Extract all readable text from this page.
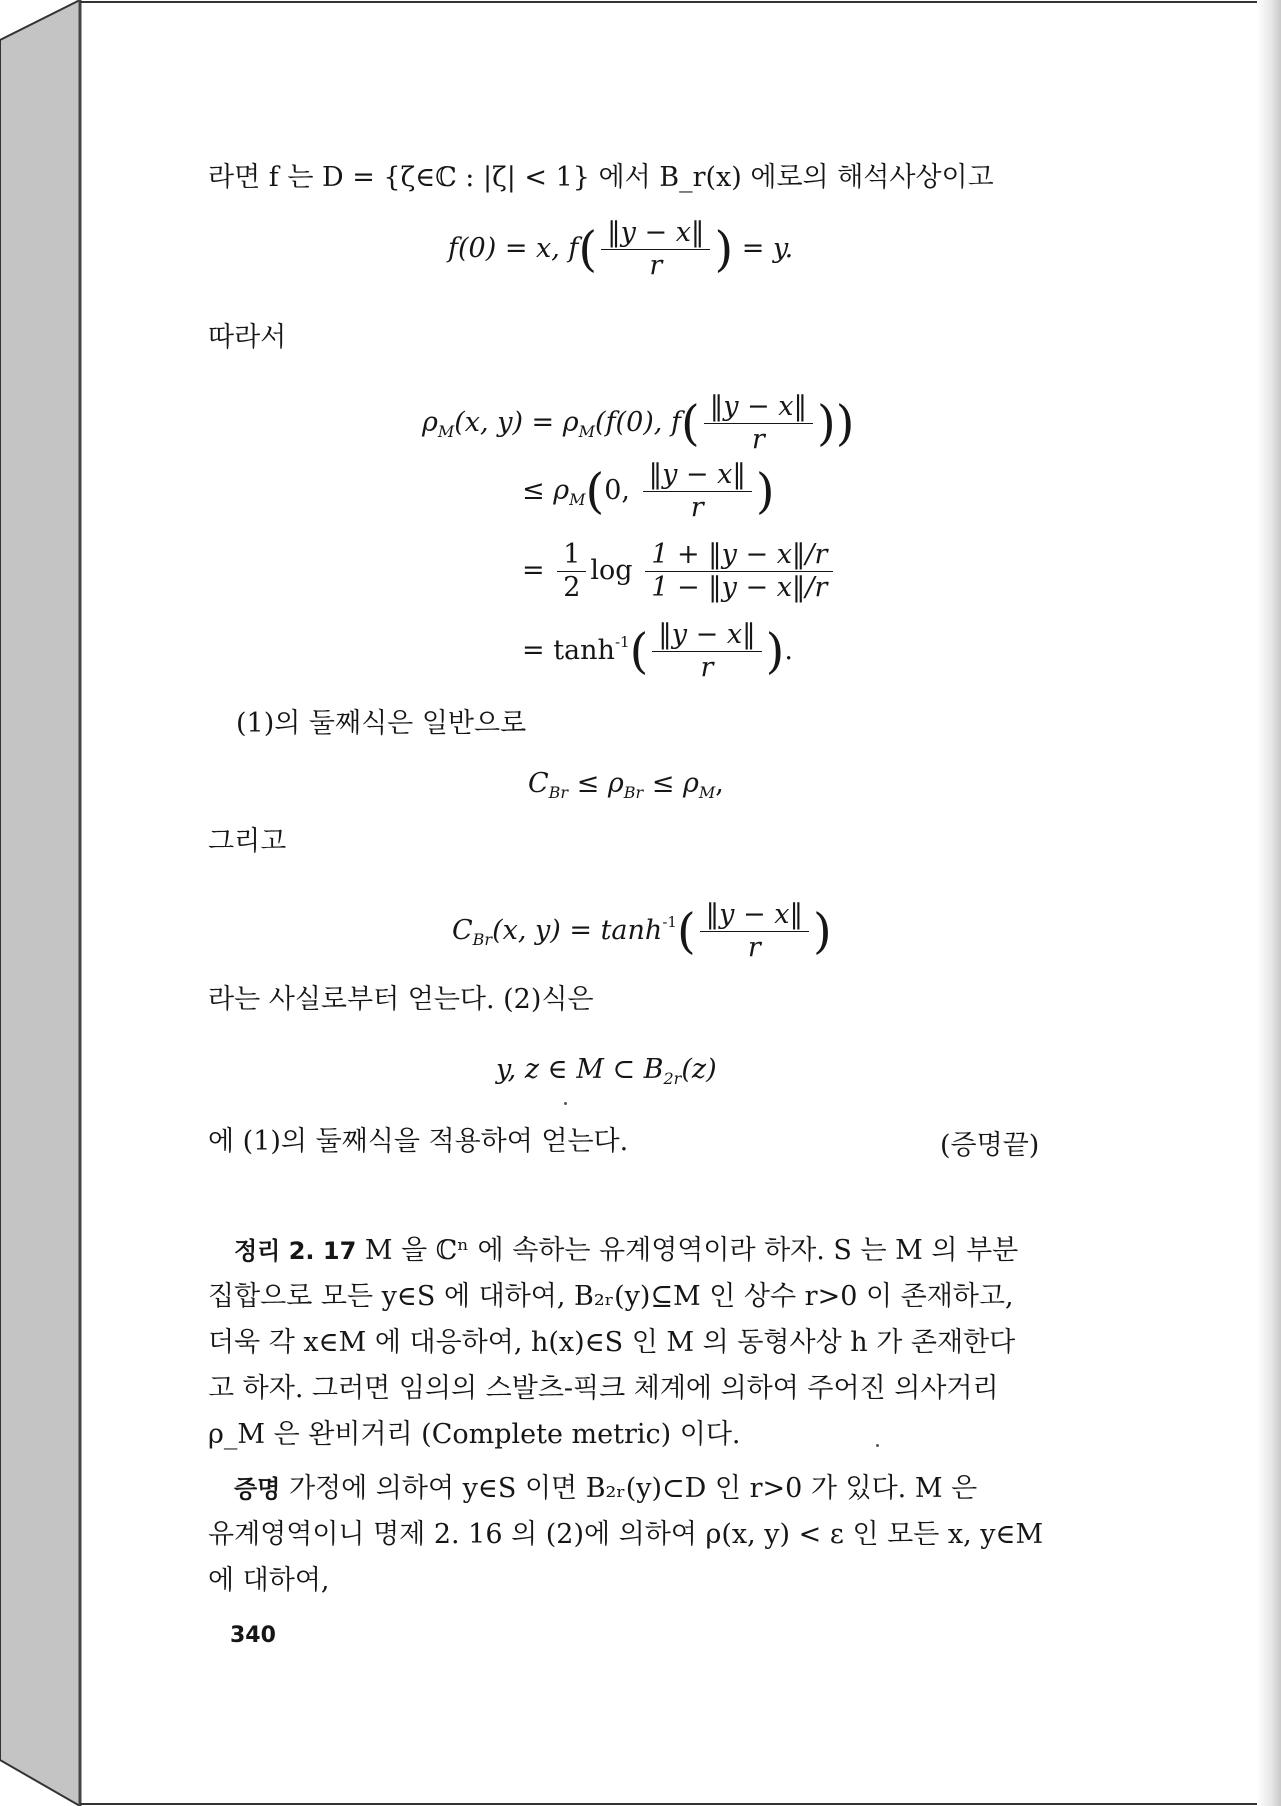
라면 f 는 D = {ζ∈ℂ : |ζ| < 1} 에서 B_r(x) 에로의 해석사상이고
f(0) = x, $f( \frac{‖y - x‖}{r}$ ) = y.
따라서
$\rho_M(x$, $y) = \rho_M(f(0)$, $f( \frac{‖y - x‖}{r}$ ))
≤ $\rho_M(0$, $\frac{‖y - x‖}{r}$ )
= $\frac{1}{2}$ $\log \frac{1 + ‖y - x‖/r}{1 - ‖y - x‖/r}$
= $\tanh^{-1}( \frac{‖y - x‖}{r}$ ).
(1)의 둘째식은 일반으로
$C_{Br} \le \rho_{Br} \le \rho_M$,
그리고
$C_{Br}(x$, $y) = \tanh^{-1}( \frac{‖y - x‖}{r}$ )
라는 사실로부터 얻는다. (2)식은
y, z ∈ M ⊂ $B_{2r}(z)$
에 (1)의 둘째식을 적용하여 얻는다.	(증명끝)
정리 2. 17 M 을 ℂⁿ 에 속하는 유계영역이라 하자. S 는 M 의 부분
집합으로 모든 y∈S 에 대하여, B₂ᵣ(y)⊆M 인 상수 r>0 이 존재하고,
더욱 각 x∈M 에 대응하여, h(x)∈S 인 M 의 동형사상 h 가 존재한다
고 하자. 그러면 임의의 스발츠-픽크 체계에 의하여 주어진 의사거리
ρ_M 은 완비거리 (Complete metric) 이다.
증명 가정에 의하여 y∈S 이면 B₂ᵣ(y)⊂D 인 r>0 가 있다. M 은
유계영역이니 명제 2. 16 의 (2)에 의하여 ρ(x, y) < ε 인 모든 x, y∈M
에 대하여,
340
